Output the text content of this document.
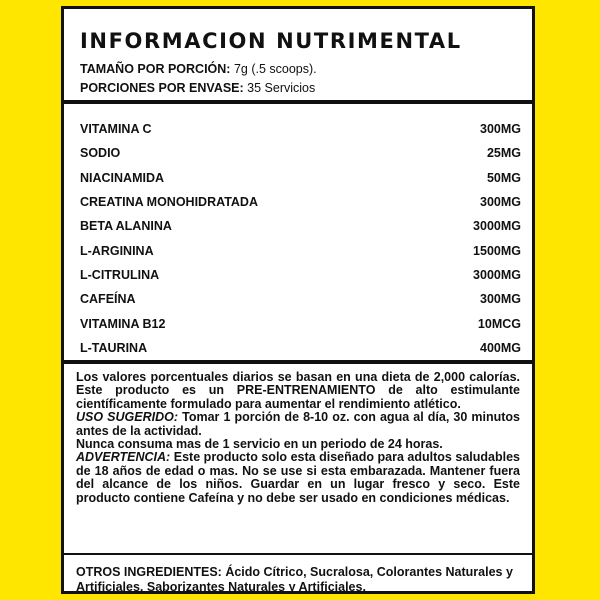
INFORMACION NUTRIMENTAL
TAMAÑO POR PORCIÓN: 7g (.5 scoops).
PORCIONES POR ENVASE: 35 Servicios
VITAMINA C	300MG
SODIO	25MG
NIACINAMIDA	50MG
CREATINA MONOHIDRATADA	300MG
BETA ALANINA	3000MG
L-ARGININA	1500MG
L-CITRULINA	3000MG
CAFEÍNA	300MG
VITAMINA B12	10MCG
L-TAURINA	400MG

Los valores porcentuales diarios se basan en una dieta de 2,000 calorías. Este producto es un PRE-ENTRENAMIENTO de alto estimulante científicamente formulado para aumentar el rendimiento atlético.

USO SUGERIDO: Tomar 1 porción de 8-10 oz. con agua al día, 30 minutos antes de la actividad.

Nunca consuma mas de 1 servicio en un periodo de 24 horas.

ADVERTENCIA: Este producto solo esta diseñado para adultos saludables de 18 años de edad o mas. No se use si esta embarazada. Mantener fuera del alcance de los niños. Guardar en un lugar fresco y seco. Este producto contiene Cafeína y no debe ser usado en condiciones médicas.

OTROS INGREDIENTES: Ácido Cítrico, Sucralosa, Colorantes Naturales y Artificiales, Saborizantes Naturales y Artificiales.
